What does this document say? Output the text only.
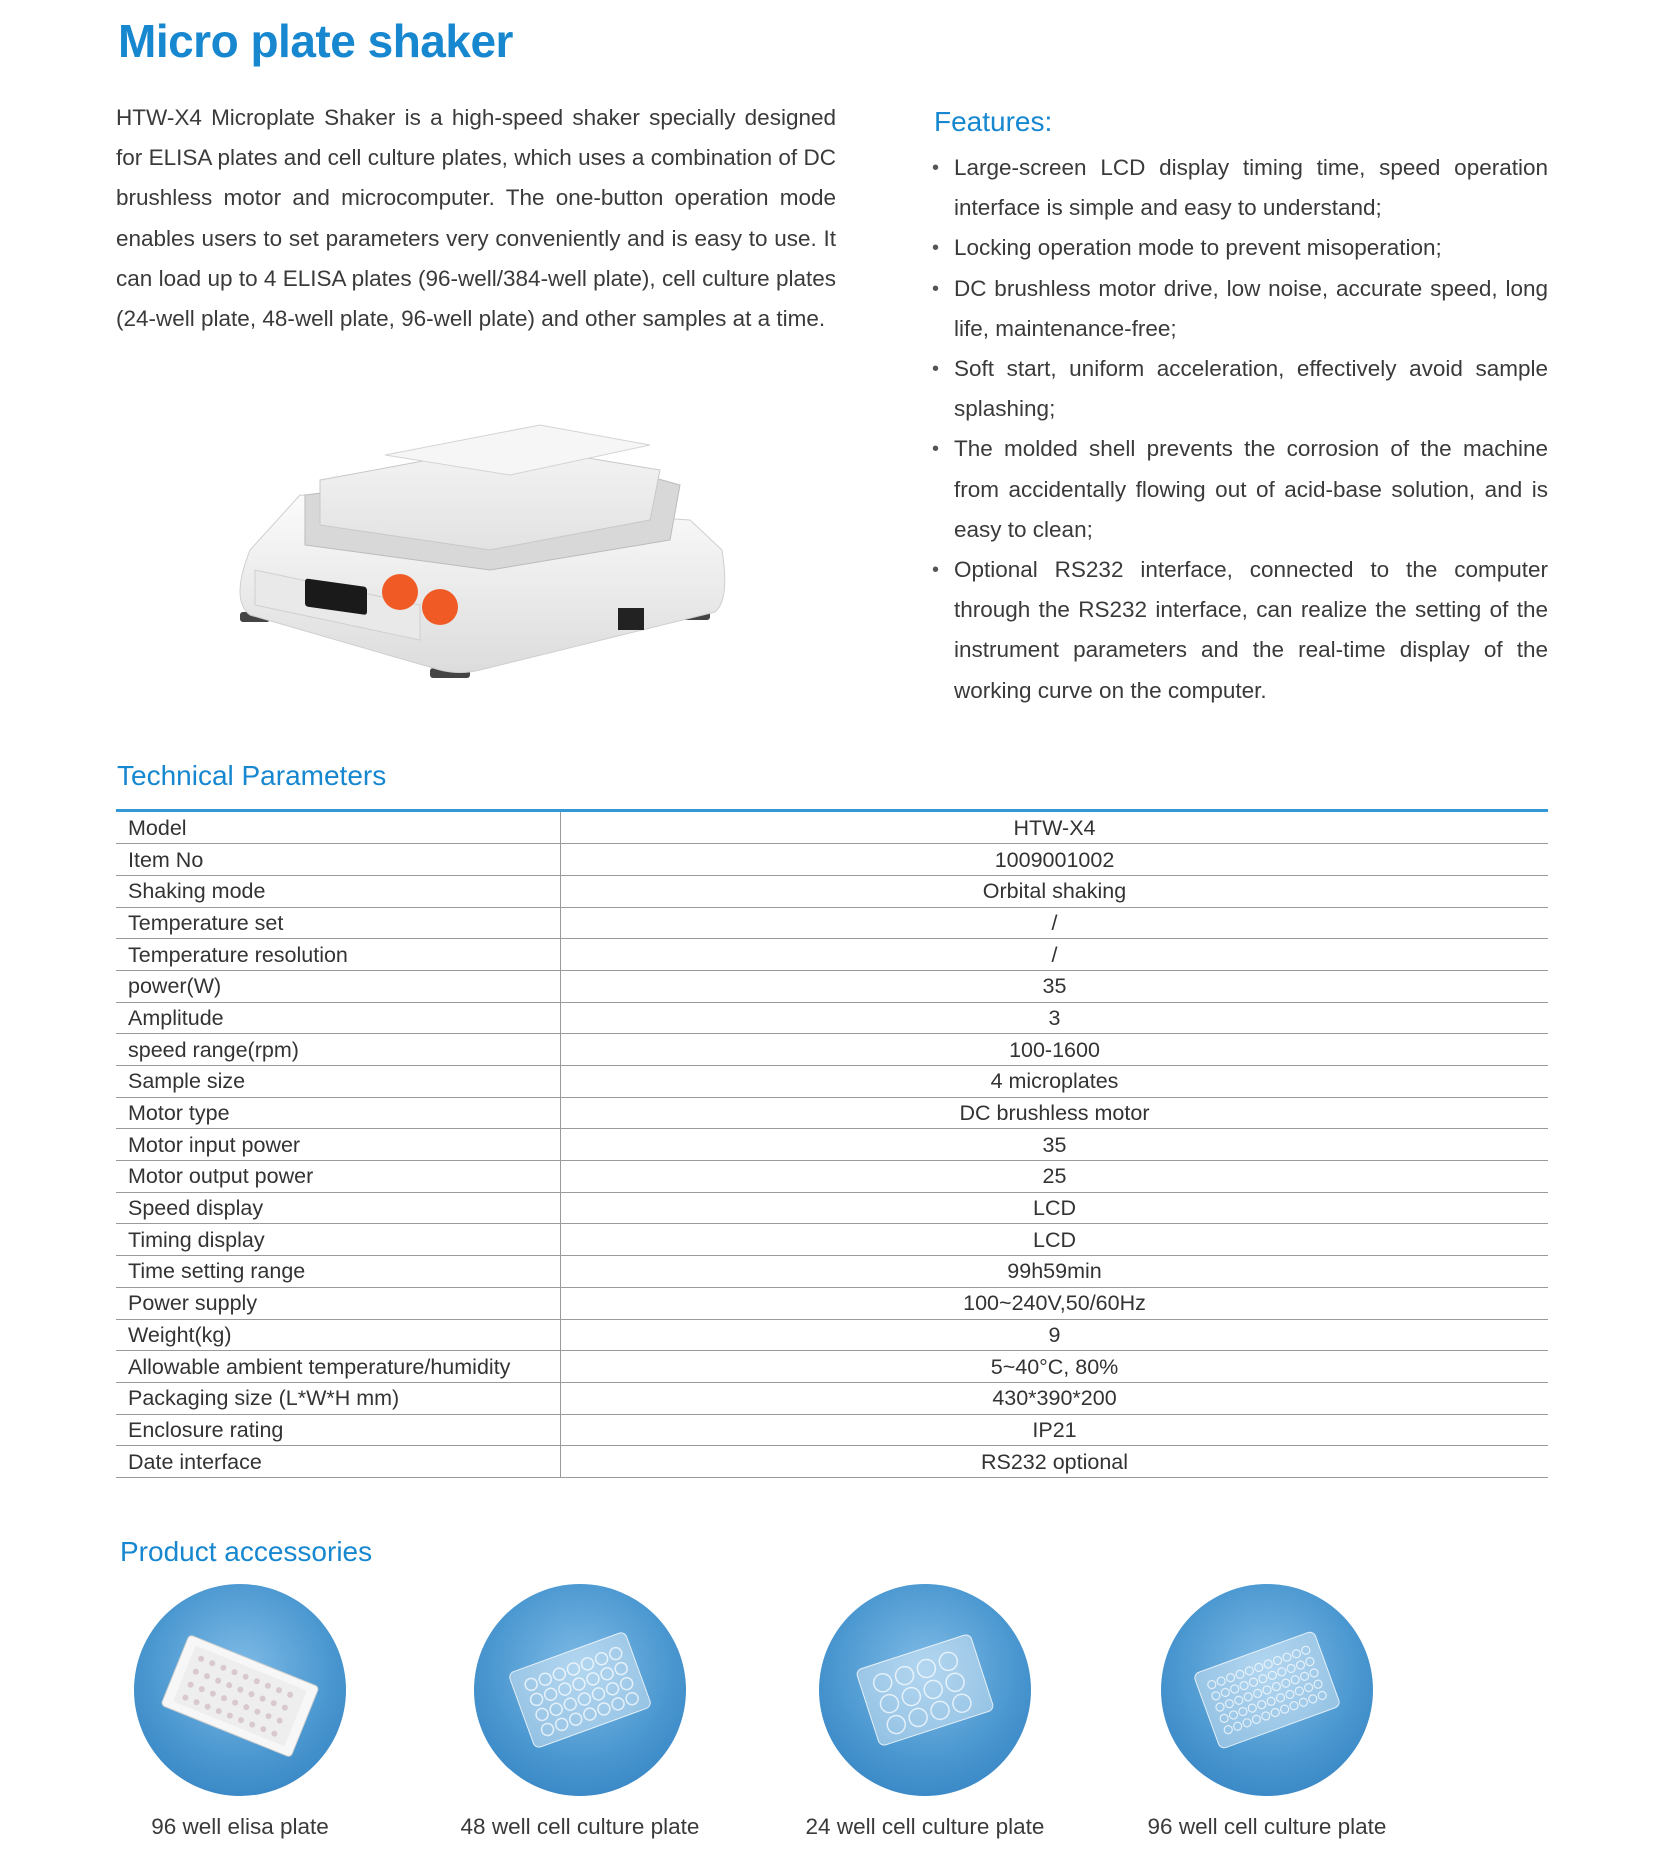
Micro plate shaker

HTW-X4 Microplate Shaker is a high-speed shaker specially designed for ELISA plates and cell culture plates, which uses a combination of DC brushless motor and microcomputer. The one-button operation mode enables users to set parameters very conveniently and is easy to use. It can load up to 4 ELISA plates (96-well/384-well plate), cell culture plates (24-well plate, 48-well plate, 96-well plate) and other samples at a time.

Features:
• Large-screen LCD display timing time, speed operation interface is simple and easy to understand;
• Locking operation mode to prevent misoperation;
• DC brushless motor drive, low noise, accurate speed, long life, maintenance-free;
• Soft start, uniform acceleration, effectively avoid sample splashing;
• The molded shell prevents the corrosion of the machine from accidentally flowing out of acid-base solution, and is easy to clean;
• Optional RS232 interface, connected to the computer through the RS232 interface, can realize the setting of the instrument parameters and the real-time display of the working curve on the computer.
Technical Parameters
Model	HTW-X4
Item No	1009001002
Shaking mode	Orbital shaking
Temperature set	/
Temperature resolution	/
power(W)	35
Amplitude	3
speed range(rpm)	100-1600
Sample size	4 microplates
Motor type	DC brushless motor
Motor input power	35
Motor output power	25
Speed display	LCD
Timing display	LCD
Time setting range	99h59min
Power supply	100~240V,50/60Hz
Weight(kg)	9
Allowable ambient temperature/humidity	5~40°C, 80%
Packaging size (L*W*H mm)	430*390*200
Enclosure rating	IP21
Date interface	RS232 optional
Product accessories
96 well elisa plate	48 well cell culture plate	24 well cell culture plate	96 well cell culture plate
